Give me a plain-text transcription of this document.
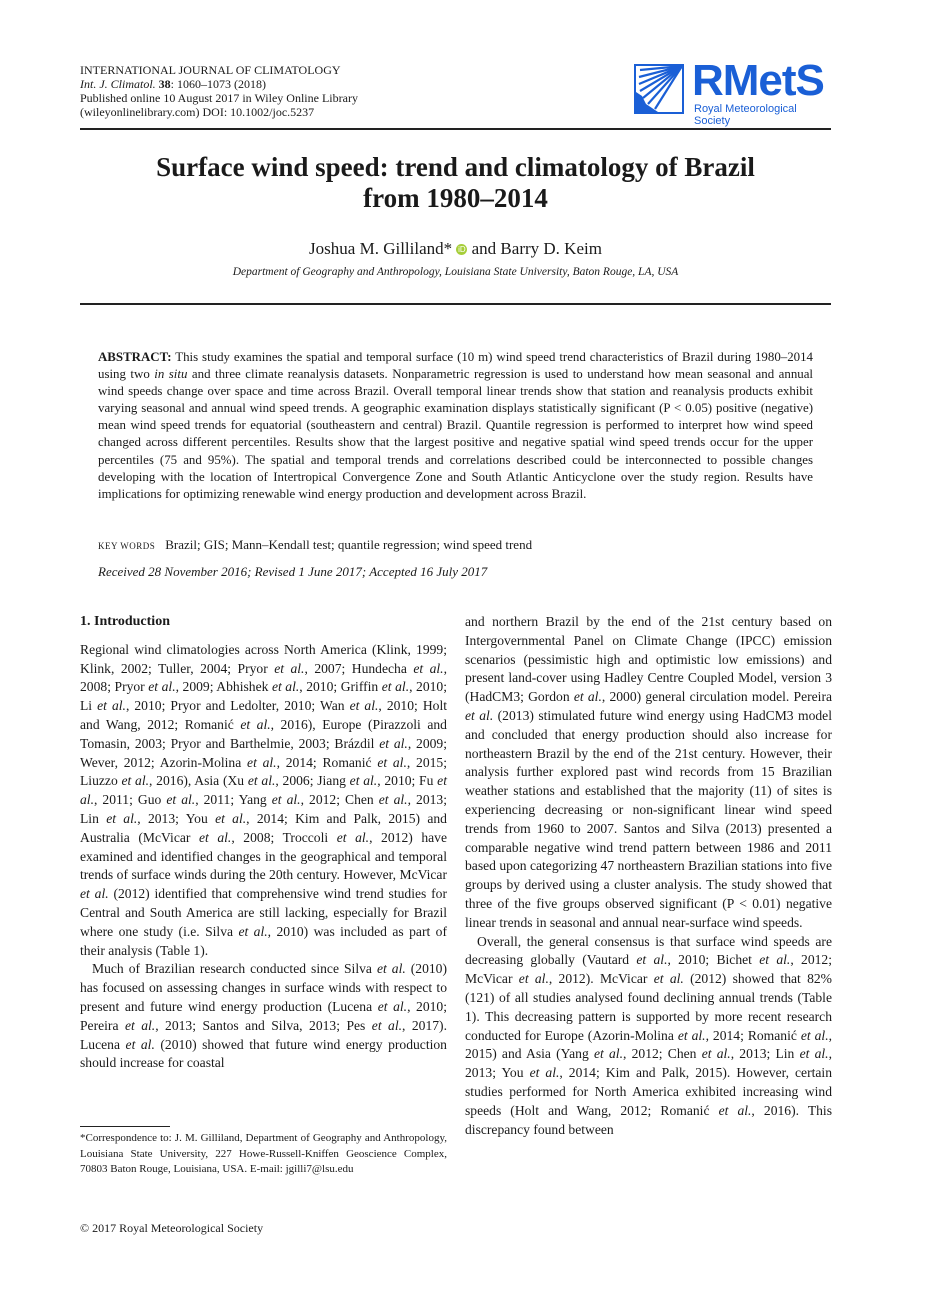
INTERNATIONAL JOURNAL OF CLIMATOLOGY
Int. J. Climatol. 38: 1060–1073 (2018)
Published online 10 August 2017 in Wiley Online Library
(wileyonlinelibrary.com) DOI: 10.1002/joc.5237
RMetS
Royal Meteorological Society
Surface wind speed: trend and climatology of Brazil
from 1980–2014
Joshua M. Gilliland* iD and Barry D. Keim
Department of Geography and Anthropology, Louisiana State University, Baton Rouge, LA, USA
ABSTRACT: This study examines the spatial and temporal surface (10 m) wind speed trend characteristics of Brazil during 1980–2014 using two in situ and three climate reanalysis datasets. Nonparametric regression is used to understand how mean seasonal and annual wind speeds change over space and time across Brazil. Overall temporal linear trends show that station and reanalysis products exhibit varying seasonal and annual wind speed trends. A geographic examination displays statistically significant (P < 0.05) positive (negative) mean wind speed trends for equatorial (southeastern and central) Brazil. Quantile regression is performed to interpret how wind speed changed across different percentiles. Results show that the largest positive and negative spatial wind speed trends occur for the upper percentiles (75 and 95%). The spatial and temporal trends and correlations described could be interconnected to possible changes developing with the location of Intertropical Convergence Zone and South Atlantic Anticyclone over the study region. Results have implications for optimizing renewable wind energy production and development across Brazil.
KEY WORDS Brazil; GIS; Mann–Kendall test; quantile regression; wind speed trend
Received 28 November 2016; Revised 1 June 2017; Accepted 16 July 2017

1. Introduction

Regional wind climatologies across North America (Klink, 1999; Klink, 2002; Tuller, 2004; Pryor et al., 2007; Hundecha et al., 2008; Pryor et al., 2009; Abhishek et al., 2010; Griffin et al., 2010; Li et al., 2010; Pryor and Ledolter, 2010; Wan et al., 2010; Holt and Wang, 2012; Romanić et al., 2016), Europe (Pirazzoli and Tomasin, 2003; Pryor and Barthelmie, 2003; Brázdil et al., 2009; Wever, 2012; Azorin-Molina et al., 2014; Romanić et al., 2015; Liuzzo et al., 2016), Asia (Xu et al., 2006; Jiang et al., 2010; Fu et al., 2011; Guo et al., 2011; Yang et al., 2012; Chen et al., 2013; Lin et al., 2013; You et al., 2014; Kim and Palk, 2015) and Australia (McVicar et al., 2008; Troccoli et al., 2012) have examined and identified changes in the geographical and temporal trends of surface winds during the 20th century. However, McVicar et al. (2012) identified that comprehensive wind trend studies for Central and South America are still lacking, especially for Brazil where one study (i.e. Silva et al., 2010) was included as part of their analysis (Table 1).

Much of Brazilian research conducted since Silva et al. (2010) has focused on assessing changes in surface winds with respect to present and future wind energy production (Lucena et al., 2010; Pereira et al., 2013; Santos and Silva, 2013; Pes et al., 2017). Lucena et al. (2010) showed that future wind energy production should increase for coastal

and northern Brazil by the end of the 21st century based on Intergovernmental Panel on Climate Change (IPCC) emission scenarios (pessimistic high and optimistic low emissions) and present land-cover using Hadley Centre Coupled Model, version 3 (HadCM3; Gordon et al., 2000) general circulation model. Pereira et al. (2013) stimulated future wind energy using HadCM3 model and concluded that energy production should also increase for northeastern Brazil by the end of the 21st century. However, their analysis further explored past wind records from 15 Brazilian weather stations and established that the majority (11) of sites is experiencing decreasing or non-significant linear wind speed trends from 1960 to 2007. Santos and Silva (2013) presented a comparable negative wind trend pattern between 1986 and 2011 based upon categorizing 47 northeastern Brazilian stations into five groups by derived using a cluster analysis. The study showed that three of the five groups observed significant (P < 0.01) negative linear trends in seasonal and annual near-surface wind speeds.

Overall, the general consensus is that surface wind speeds are decreasing globally (Vautard et al., 2010; Bichet et al., 2012; McVicar et al., 2012). McVicar et al. (2012) showed that 82% (121) of all studies analysed found declining annual trends (Table 1). This decreasing pattern is supported by more recent research conducted for Europe (Azorin-Molina et al., 2014; Romanić et al., 2015) and Asia (Yang et al., 2012; Chen et al., 2013; Lin et al., 2013; You et al., 2014; Kim and Palk, 2015). However, certain studies performed for North America exhibited increasing wind speeds (Holt and Wang, 2012; Romanić et al., 2016). This discrepancy found between

*Correspondence to: J. M. Gilliland, Department of Geography and Anthropology, Louisiana State University, 227 Howe-Russell-Kniffen Geoscience Complex, 70803 Baton Rouge, Louisiana, USA. E-mail: jgilli7@lsu.edu
© 2017 Royal Meteorological Society
